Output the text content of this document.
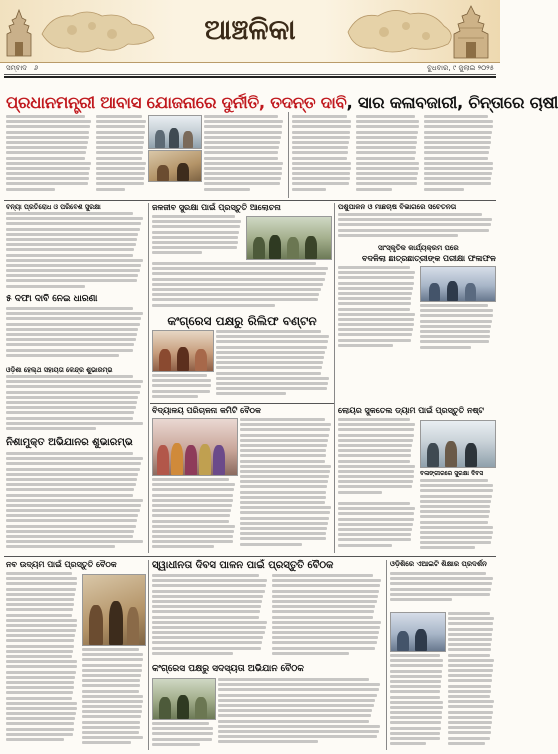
ଆଞ୍ଚଳିକା
ସମ୍ବାଦ ୬	ବୁଧବାର, ୯ ଜୁଲାଇ ୨୦୨୫
ପ୍ରଧାନମନ୍ତ୍ରୀ ଆବାସ ଯୋଜନାରେ ଦୁର୍ନୀତି, ତଦନ୍ତ ଦାବି, ସାର କଳାବଜାରୀ, ଚିନ୍ତାରେ ଚାଷୀ
ବନ୍ୟା ପ୍ରତିରୋଧ ଓ ପରିବେଶ ସୁରକ୍ଷା
୫ ଦଫା ଦାବି ନେଇ ଧାରଣା
ଜଳଜୀବ ସୁରକ୍ଷା ପାଇଁ ପ୍ରସ୍ତୁତି ଆଲୋଚନା	ପଶୁପାଳନ ଓ ମାଛଚାଷ ବିଭାଗରେ ସଚେତନତା
ସାଂସ୍କୃତିକ କାର୍ଯ୍ୟକ୍ରମ ପରେ
ବଦଳିଲା ଛାତ୍ରଛାତ୍ରୀଙ୍କ ପରୀକ୍ଷା ଫଳାଫଳ
କଂଗ୍ରେସ ପକ୍ଷରୁ ରିଲିଫ ବଣ୍ଟନ
ଓଡ଼ିଶା ହେଲ୍‌ଥ ସହାୟତା କେନ୍ଦ୍ର ଶୁଭାରମ୍ଭ
ବିଦ୍ୟାଳୟ ପରିଚାଳନା କମିଟି ବୈଠକ	ଲୋୟର ସୁକତେଲ ଡ୍ୟାମ ପାଇଁ ପ୍ରସ୍ତୁତି ନଷ୍ଟ
ବଳାଙ୍ଗୀରରେ ସୁରକ୍ଷା ଦିବସ
ନିଶାମୁକ୍ତ ଅଭିଯାନର ଶୁଭାରମ୍ଭ
ନବ ଉଦ୍ୟମ ପାଇଁ ପ୍ରସ୍ତୁତି ବୈଠକ	ସ୍ୱାଧୀନତା ଦିବସ ପାଳନ ପାଇଁ ପ୍ରସ୍ତୁତି ବୈଠକ	ଓଡ଼ିଶିରେ ଏଆଇଟି ଶିକ୍ଷାର ପ୍ରଦର୍ଶନ
କଂଗ୍ରେସ ପକ୍ଷରୁ ସଦସ୍ୟତା ଅଭିଯାନ ବୈଠକ
